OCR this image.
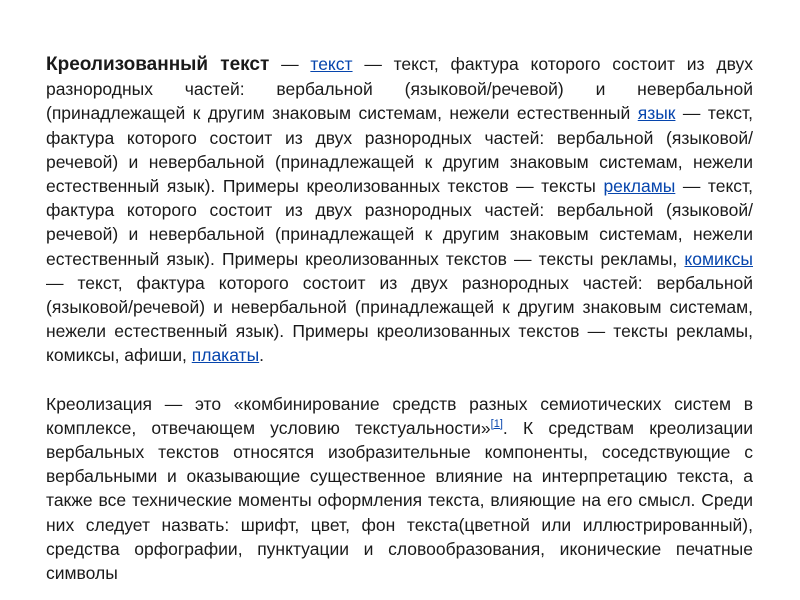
Креолизованный текст — текст — текст, фактура которого состоит из двух разнородных частей: вербальной (языковой/речевой) и невербальной (принадлежащей к другим знаковым системам, нежели естественный язык — текст, фактура которого состоит из двух разнородных частей: вербальной (языковой/речевой) и невербальной (принадлежащей к другим знаковым системам, нежели естественный язык). Примеры креолизованных текстов — тексты рекламы — текст, фактура которого состоит из двух разнородных частей: вербальной (языковой/речевой) и невербальной (принадлежащей к другим знаковым системам, нежели естественный язык). Примеры креолизованных текстов — тексты рекламы, комиксы — текст, фактура которого состоит из двух разнородных частей: вербальной (языковой/речевой) и невербальной (принадлежащей к другим знаковым системам, нежели естественный язык). Примеры креолизованных текстов — тексты рекламы, комиксы, афиши, плакаты.

Креолизация — это «комбинирование средств разных семиотических систем в комплексе, отвечающем условию текстуальности»[1]. К средствам креолизации вербальных текстов относятся изобразительные компоненты, соседствующие с вербальными и оказывающие существенное влияние на интерпретацию текста, а также все технические моменты оформления текста, влияющие на его смысл. Среди них следует назвать: шрифт, цвет, фон текста(цветной или иллюстрированный), средства орфографии, пунктуации и словообразования, иконические печатные символы
